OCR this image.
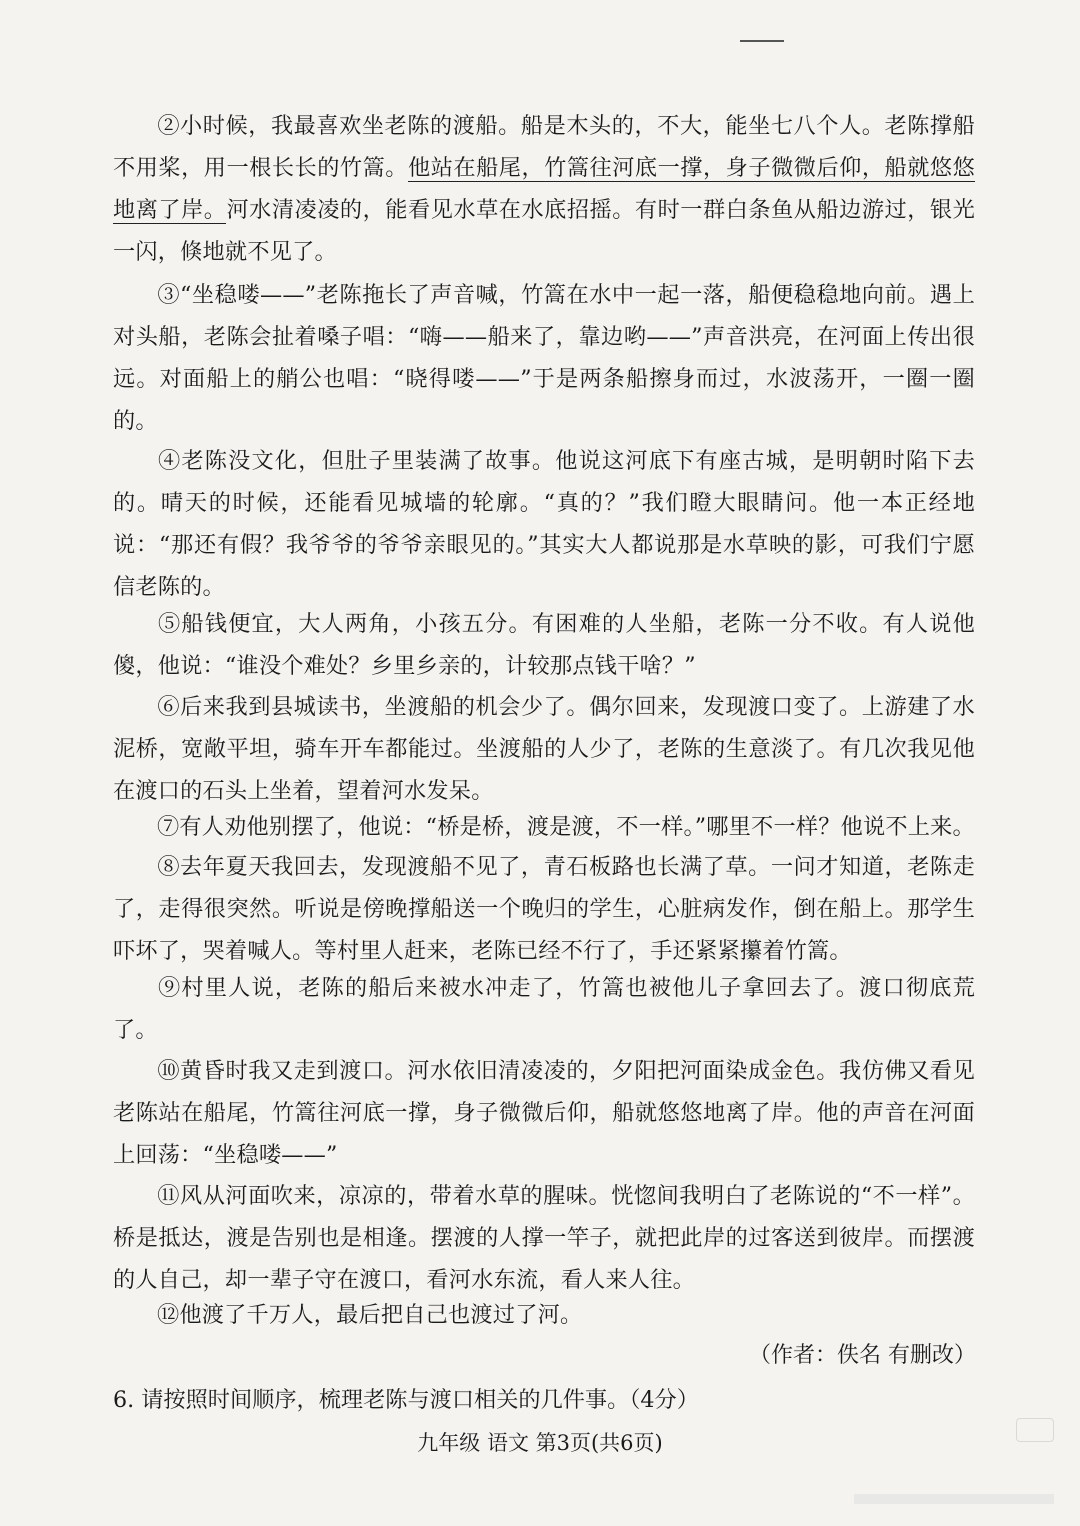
②小时候，我最喜欢坐老陈的渡船。船是木头的，不大，能坐七八个人。老陈撑船不用桨，用一根长长的竹篙。他站在船尾，竹篙往河底一撑，身子微微后仰，船就悠悠地离了岸。河水清凌凌的，能看见水草在水底招摇。有时一群白条鱼从船边游过，银光一闪，倏地就不见了。

③“坐稳喽——”老陈拖长了声音喊，竹篙在水中一起一落，船便稳稳地向前。遇上对头船，老陈会扯着嗓子唱：“嗨——船来了，靠边哟——”声音洪亮，在河面上传出很远。对面船上的艄公也唱：“晓得喽——”于是两条船擦身而过，水波荡开，一圈一圈的。

④老陈没文化，但肚子里装满了故事。他说这河底下有座古城，是明朝时陷下去的。晴天的时候，还能看见城墙的轮廓。“真的？”我们瞪大眼睛问。他一本正经地说：“那还有假？我爷爷的爷爷亲眼见的。”其实大人都说那是水草映的影，可我们宁愿信老陈的。

⑤船钱便宜，大人两角，小孩五分。有困难的人坐船，老陈一分不收。有人说他傻，他说：“谁没个难处？乡里乡亲的，计较那点钱干啥？”

⑥后来我到县城读书，坐渡船的机会少了。偶尔回来，发现渡口变了。上游建了水泥桥，宽敞平坦，骑车开车都能过。坐渡船的人少了，老陈的生意淡了。有几次我见他在渡口的石头上坐着，望着河水发呆。

⑦有人劝他别摆了，他说：“桥是桥，渡是渡，不一样。”哪里不一样？他说不上来。

⑧去年夏天我回去，发现渡船不见了，青石板路也长满了草。一问才知道，老陈走了，走得很突然。听说是傍晚撑船送一个晚归的学生，心脏病发作，倒在船上。那学生吓坏了，哭着喊人。等村里人赶来，老陈已经不行了，手还紧紧攥着竹篙。

⑨村里人说，老陈的船后来被水冲走了，竹篙也被他儿子拿回去了。渡口彻底荒了。

⑩黄昏时我又走到渡口。河水依旧清凌凌的，夕阳把河面染成金色。我仿佛又看见老陈站在船尾，竹篙往河底一撑，身子微微后仰，船就悠悠地离了岸。他的声音在河面上回荡：“坐稳喽——”

⑪风从河面吹来，凉凉的，带着水草的腥味。恍惚间我明白了老陈说的“不一样”。桥是抵达，渡是告别也是相逢。摆渡的人撑一竿子，就把此岸的过客送到彼岸。而摆渡的人自己，却一辈子守在渡口，看河水东流，看人来人往。

⑫他渡了千万人，最后把自己也渡过了河。

（作者：佚名 有删改）

6. 请按照时间顺序，梳理老陈与渡口相关的几件事。（4分）

九年级 语文 第3页(共6页)
